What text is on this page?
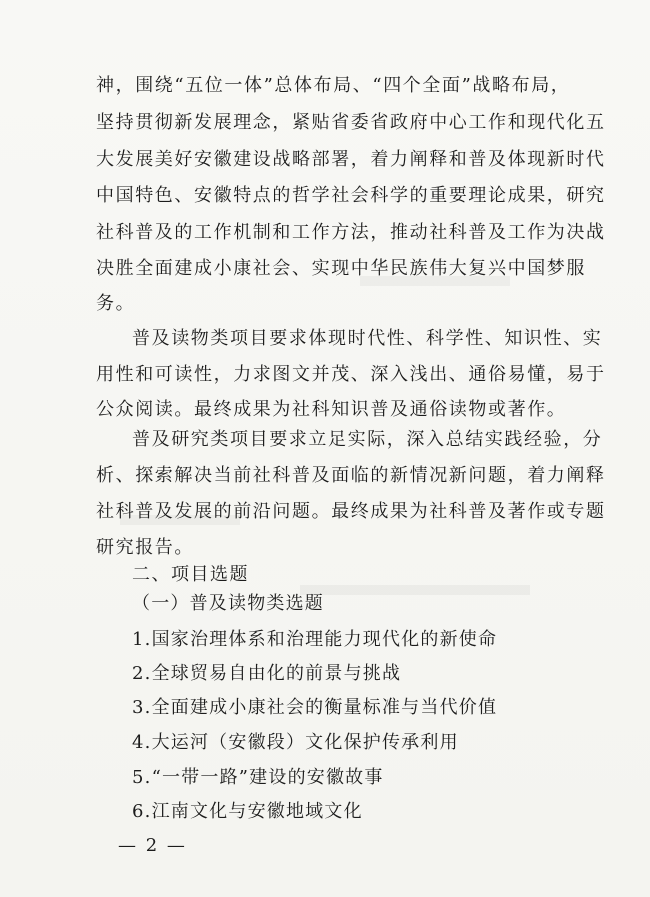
神，围绕“五位一体”总体布局、“四个全面”战略布局，
坚持贯彻新发展理念，紧贴省委省政府中心工作和现代化五
大发展美好安徽建设战略部署，着力阐释和普及体现新时代
中国特色、安徽特点的哲学社会科学的重要理论成果，研究
社科普及的工作机制和工作方法，推动社科普及工作为决战
决胜全面建成小康社会、实现中华民族伟大复兴中国梦服
务。
普及读物类项目要求体现时代性、科学性、知识性、实
用性和可读性，力求图文并茂、深入浅出、通俗易懂，易于
公众阅读。最终成果为社科知识普及通俗读物或著作。
普及研究类项目要求立足实际，深入总结实践经验，分
析、探索解决当前社科普及面临的新情况新问题，着力阐释
社科普及发展的前沿问题。最终成果为社科普及著作或专题
研究报告。
二、项目选题
（一）普及读物类选题
1.国家治理体系和治理能力现代化的新使命
2.全球贸易自由化的前景与挑战
3.全面建成小康社会的衡量标准与当代价值
4.大运河（安徽段）文化保护传承利用
5.“一带一路”建设的安徽故事
6.江南文化与安徽地域文化
— 2 —
